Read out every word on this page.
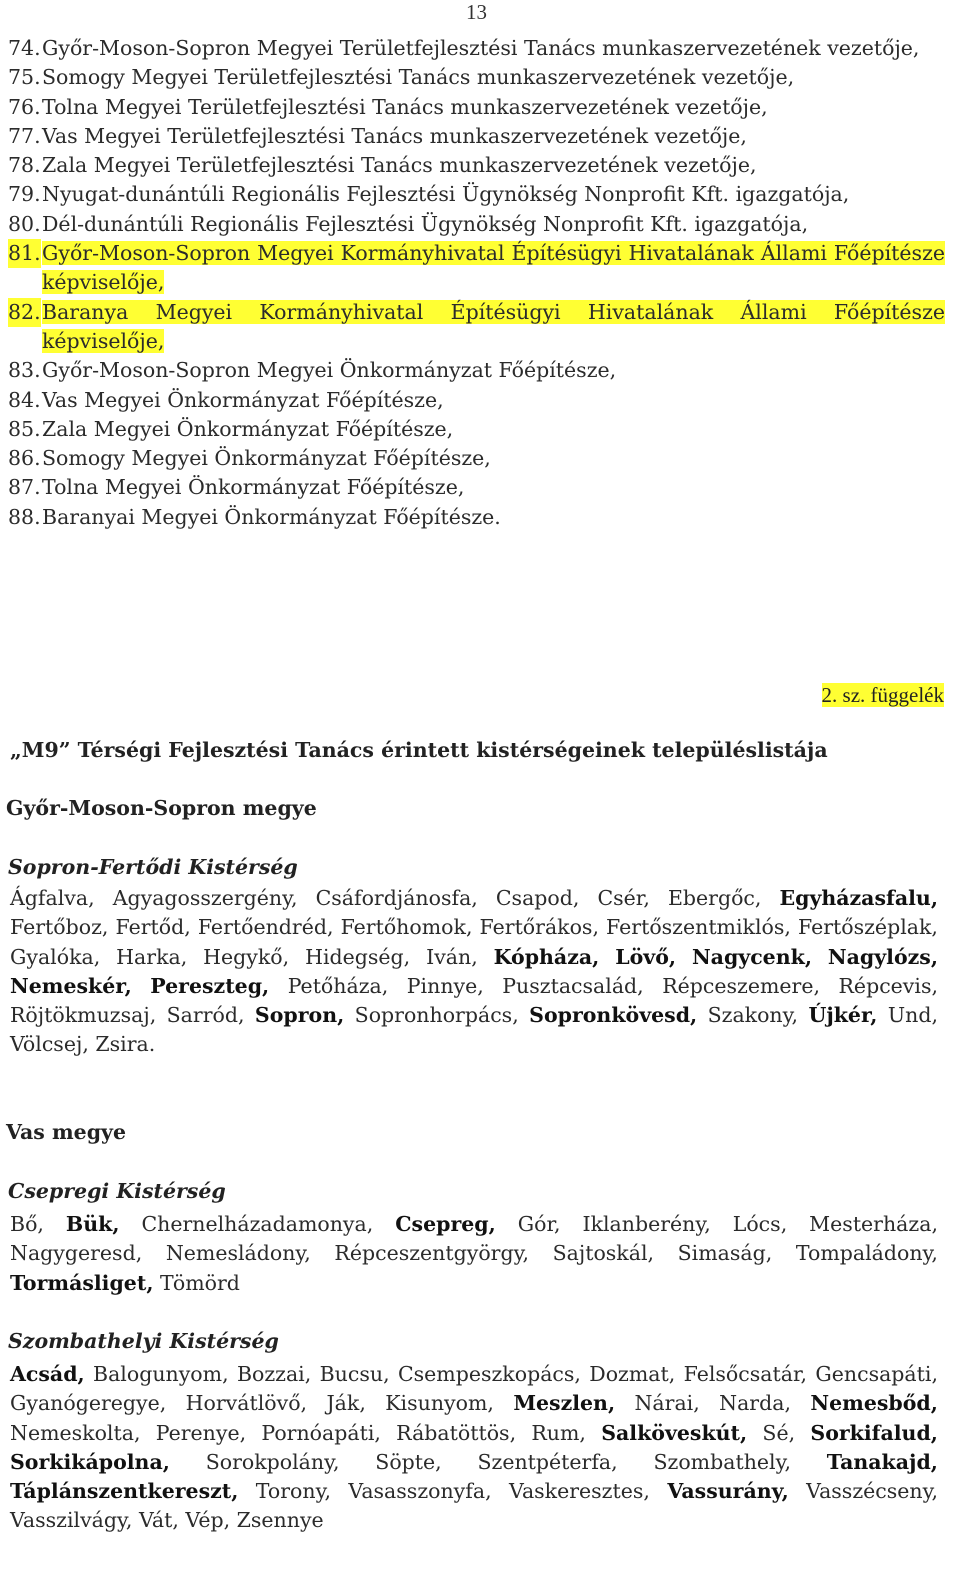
13
74. Győr-Moson-Sopron Megyei Területfejlesztési Tanács munkaszervezetének vezetője,
75. Somogy Megyei Területfejlesztési Tanács munkaszervezetének vezetője,
76. Tolna Megyei Területfejlesztési Tanács munkaszervezetének vezetője,
77. Vas Megyei Területfejlesztési Tanács munkaszervezetének vezetője,
78. Zala Megyei Területfejlesztési Tanács munkaszervezetének vezetője,
79. Nyugat-dunántúli Regionális Fejlesztési Ügynökség Nonprofit Kft. igazgatója,
80. Dél-dunántúli Regionális Fejlesztési Ügynökség Nonprofit Kft. igazgatója,
81. Győr-Moson-Sopron Megyei Kormányhivatal Építésügyi Hivatalának Állami Főépítésze képviselője,
82. Baranya Megyei Kormányhivatal Építésügyi Hivatalának Állami Főépítésze képviselője,
83. Győr-Moson-Sopron Megyei Önkormányzat Főépítésze,
84. Vas Megyei Önkormányzat Főépítésze,
85. Zala Megyei Önkormányzat Főépítésze,
86. Somogy Megyei Önkormányzat Főépítésze,
87. Tolna Megyei Önkormányzat Főépítésze,
88. Baranyai Megyei Önkormányzat Főépítésze.
2. sz. függelék
„M9” Térségi Fejlesztési Tanács érintett kistérségeinek településlistája
Győr-Moson-Sopron megye
Sopron-Fertődi Kistérség

Ágfalva, Agyagosszergény, Csáfordjánosfa, Csapod, Csér, Ebergőc, Egyházasfalu, Fertőboz, Fertőd, Fertőendréd, Fertőhomok, Fertőrákos, Fertőszentmiklós, Fertőszéplak, Gyalóka, Harka, Hegykő, Hidegség, Iván, Kópháza, Lövő, Nagycenk, Nagylózs, Nemeskér, Pereszteg, Petőháza, Pinnye, Pusztacsalád, Répceszemere, Répcevis, Röjtökmuzsaj, Sarród, Sopron, Sopronhorpács, Sopronkövesd, Szakony, Újkér, Und, Völcsej, Zsira.

Vas megye
Csepregi Kistérség

Bő, Bük, Chernelházadamonya, Csepreg, Gór, Iklanberény, Lócs, Mesterháza, Nagygeresd, Nemesládony, Répceszentgyörgy, Sajtoskál, Simaság, Tompaládony, Tormásliget, Tömörd

Szombathelyi Kistérség

Acsád, Balogunyom, Bozzai, Bucsu, Csempeszkopács, Dozmat, Felsőcsatár, Gencsapáti, Gyanógeregye, Horvátlövő, Ják, Kisunyom, Meszlen, Nárai, Narda, Nemesbőd, Nemeskolta, Perenye, Pornóapáti, Rábatöttös, Rum, Salköveskút, Sé, Sorkifalud, Sorkikápolna, Sorokpolány, Söpte, Szentpéterfa, Szombathely, Tanakajd, Táplánszentkereszt, Torony, Vasasszonyfa, Vaskeresztes, Vassurány, Vasszécseny, Vasszilvágy, Vát, Vép, Zsennye
